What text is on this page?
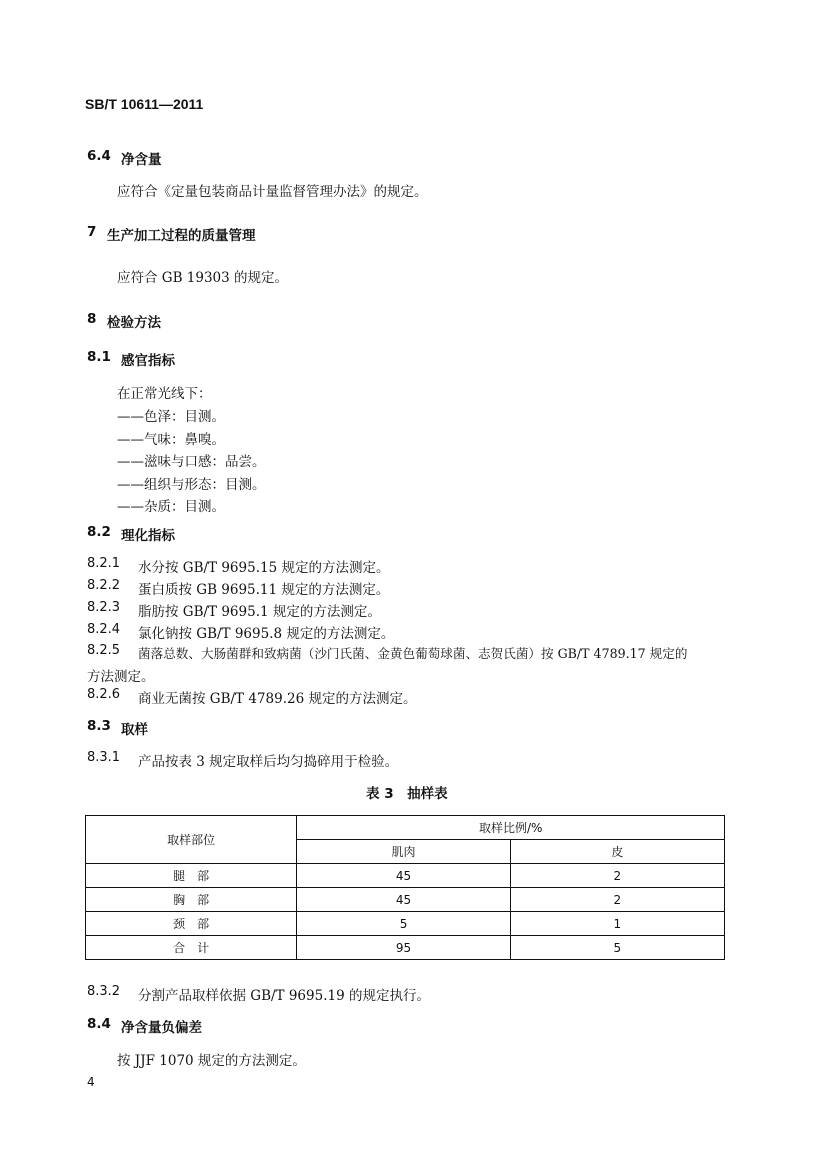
SB/T 10611—2011
6.4 净含量
应符合《定量包装商品计量监督管理办法》的规定。
7 生产加工过程的质量管理
应符合 GB 19303 的规定。
8 检验方法
8.1 感官指标
在正常光线下：
——色泽：目测。
——气味：鼻嗅。
——滋味与口感：品尝。
——组织与形态：目测。
——杂质：目测。
8.2 理化指标
8.2.1 水分按 GB/T 9695.15 规定的方法测定。
8.2.2 蛋白质按 GB 9695.11 规定的方法测定。
8.2.3 脂肪按 GB/T 9695.1 规定的方法测定。
8.2.4 氯化钠按 GB/T 9695.8 规定的方法测定。
8.2.5 菌落总数、大肠菌群和致病菌（沙门氏菌、金黄色葡萄球菌、志贺氏菌）按 GB/T 4789.17 规定的
方法测定。
8.2.6 商业无菌按 GB/T 4789.26 规定的方法测定。
8.3 取样
8.3.1 产品按表 3 规定取样后均匀捣碎用于检验。
表 3　抽样表
取样部位	取样比例/%	
	肌肉	皮
腿　部	45	2
胸　部	45	2
颈　部	5	1
合　计	95	5
8.3.2 分割产品取样依据 GB/T 9695.19 的规定执行。
8.4 净含量负偏差
按 JJF 1070 规定的方法测定。
4
